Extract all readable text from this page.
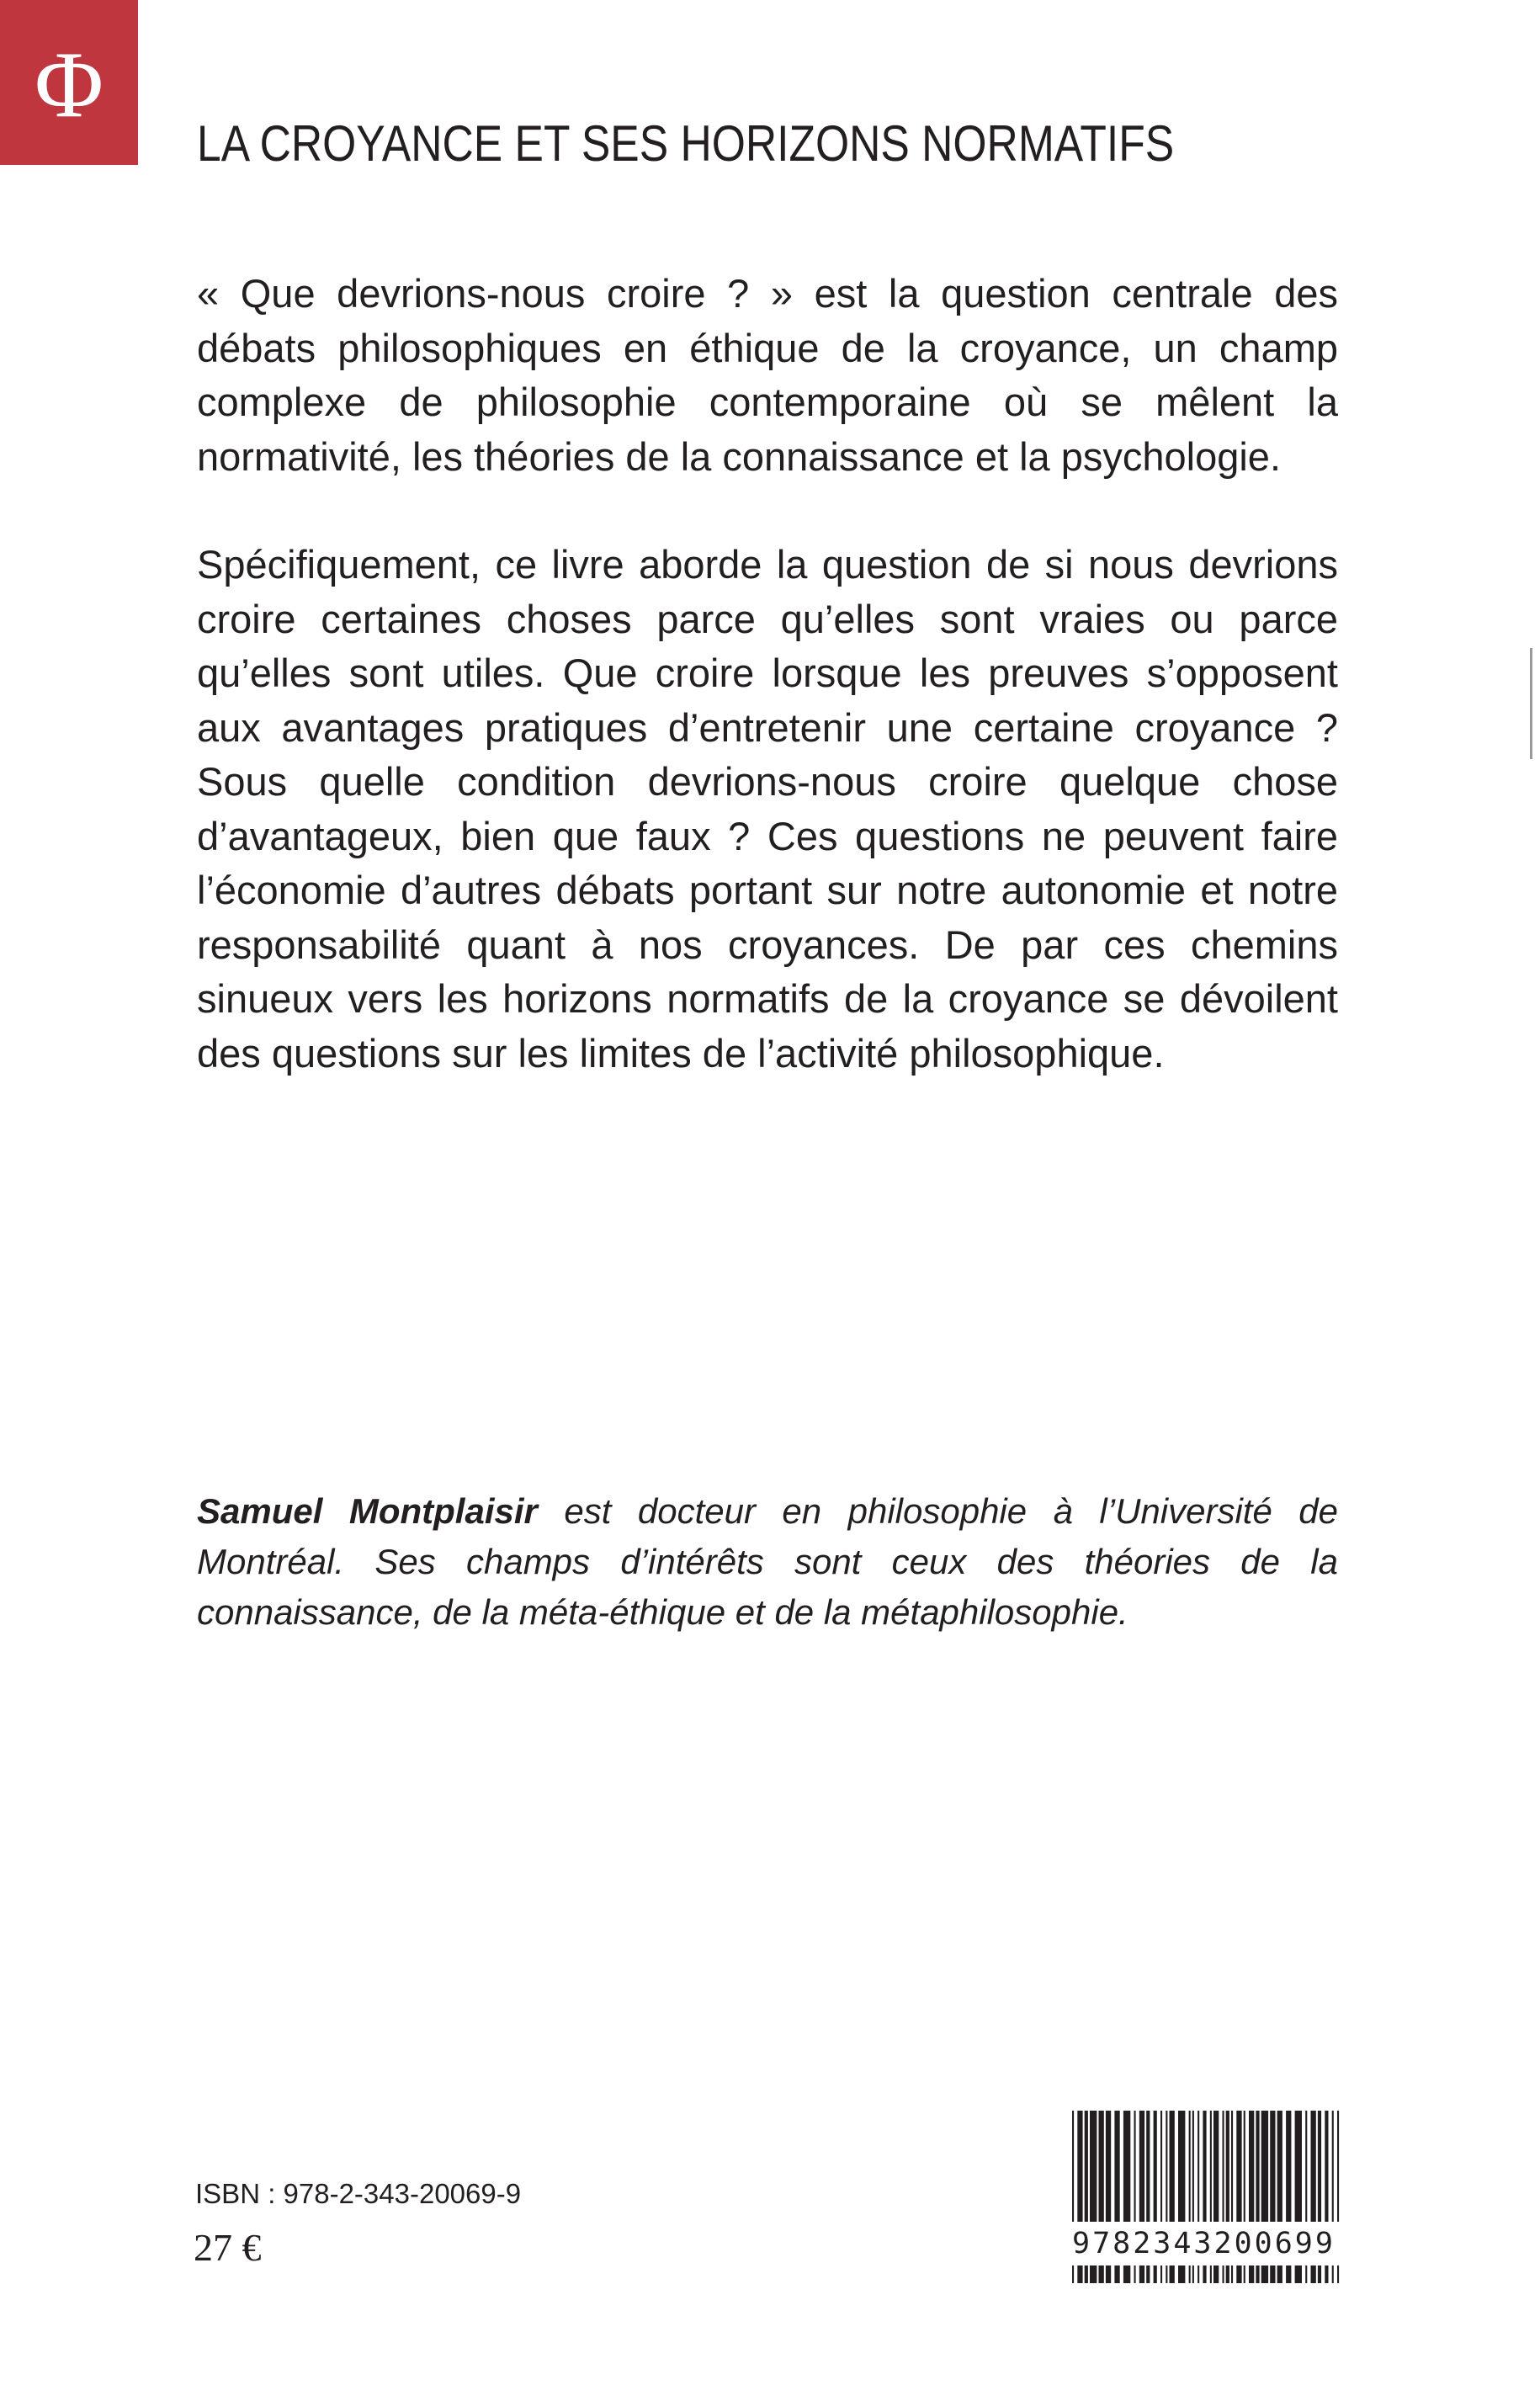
Φ
LA CROYANCE ET SES HORIZONS NORMATIFS

« Que devrions-nous croire ? » est la question centrale des débats philosophiques en éthique de la croyance, un champ complexe de philosophie contemporaine où se mêlent la normativité, les théories de la connaissance et la psychologie.

Spécifiquement, ce livre aborde la question de si nous devrions croire certaines choses parce qu’elles sont vraies ou parce qu’elles sont utiles. Que croire lorsque les preuves s’opposent aux avantages pratiques d’entretenir une certaine croyance ? Sous quelle condition devrions-nous croire quelque chose d’avantageux, bien que faux ? Ces questions ne peuvent faire l’économie d’autres débats portant sur notre autonomie et notre responsabilité quant à nos croyances. De par ces chemins sinueux vers les horizons normatifs de la croyance se dévoilent des questions sur les limites de l’activité philosophique.

Samuel Montplaisir est docteur en philosophie à l’Université de Montréal. Ses champs d’intérêts sont ceux des théories de la connaissance, de la méta-éthique et de la métaphilosophie.

ISBN : 978-2-343-20069-9
27 €	9782343200699
